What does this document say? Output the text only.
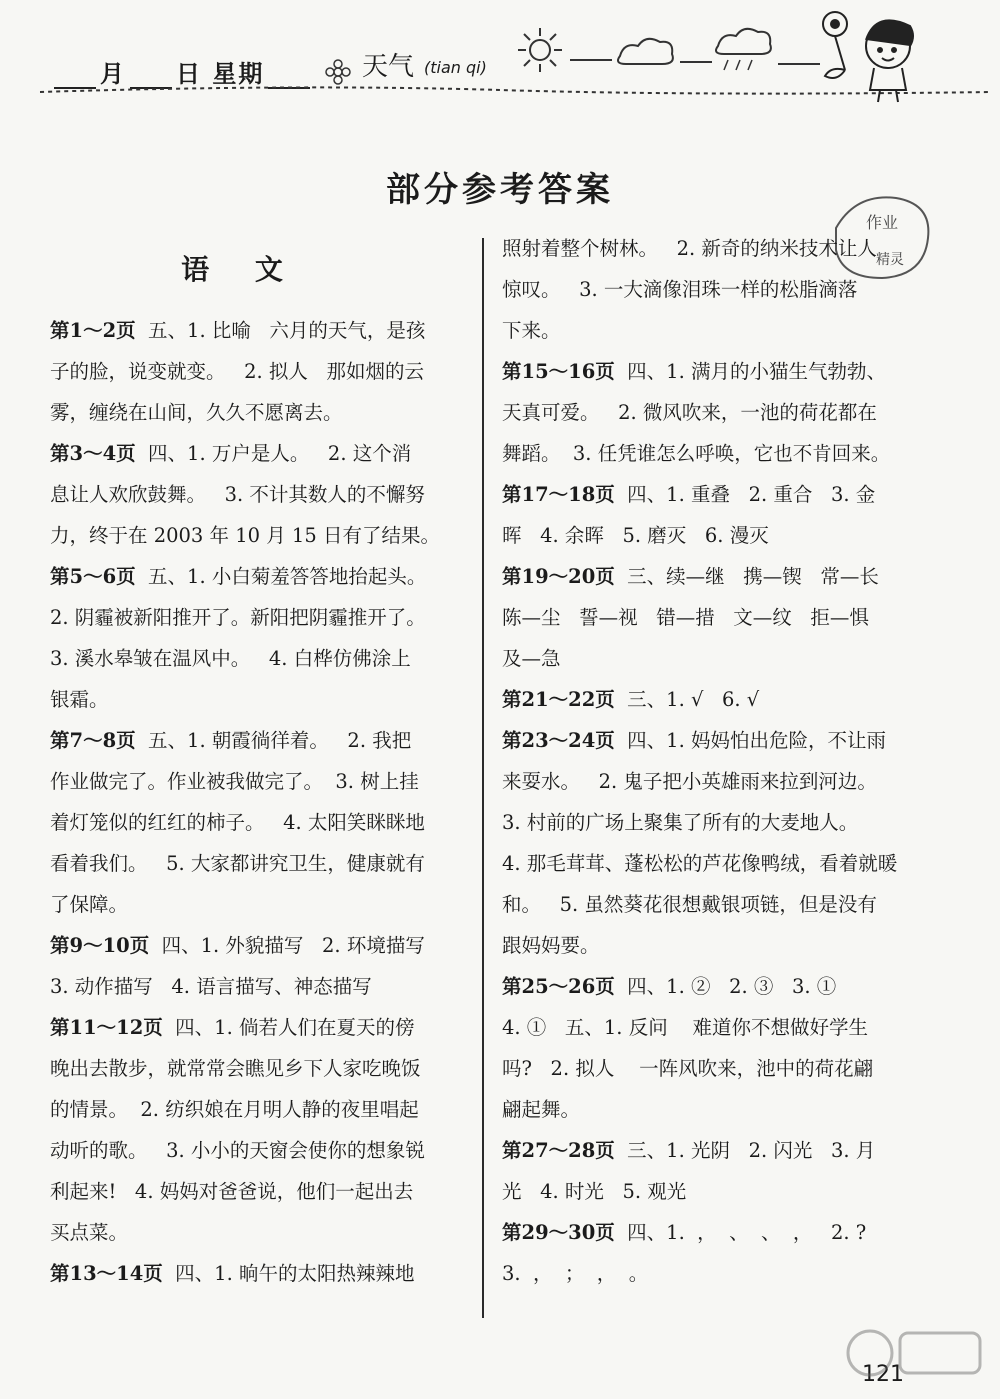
月 日 星期	天气 (tian qi)
部分参考答案
作业
精灵
语 文
第1～2页  五、1. 比喻   六月的天气，是孩
子的脸，说变就变。   2. 拟人   那如烟的云
雾，缠绕在山间，久久不愿离去。
第3～4页  四、1. 万户是人。   2. 这个消
息让人欢欣鼓舞。   3. 不计其数人的不懈努
力，终于在 2003 年 10 月 15 日有了结果。
第5～6页  五、1. 小白菊羞答答地抬起头。
2. 阴霾被新阳推开了。新阳把阴霾推开了。
3. 溪水皋皱在温风中。   4. 白桦仿佛涂上
银霜。
第7～8页  五、1. 朝霞徜徉着。   2. 我把
作业做完了。作业被我做完了。  3. 树上挂
着灯笼似的红红的柿子。   4. 太阳笑眯眯地
看着我们。   5. 大家都讲究卫生，健康就有
了保障。
第9～10页  四、1. 外貌描写   2. 环境描写
3. 动作描写   4. 语言描写、神态描写
第11～12页  四、1. 倘若人们在夏天的傍
晚出去散步，就常常会瞧见乡下人家吃晚饭
的情景。  2. 纺织娘在月明人静的夜里唱起
动听的歌。   3. 小小的天窗会使你的想象锐
利起来!   4. 妈妈对爸爸说，他们一起出去
买点菜。
第13～14页  四、1. 晌午的太阳热辣辣地
照射着整个树林。   2. 新奇的纳米技术让人
惊叹。   3. 一大滴像泪珠一样的松脂滴落
下来。
第15～16页  四、1. 满月的小猫生气勃勃、
天真可爱。   2. 微风吹来，一池的荷花都在
舞蹈。  3. 任凭谁怎么呼唤，它也不肯回来。
第17～18页  四、1. 重叠   2. 重合   3. 金
晖   4. 余晖   5. 磨灭   6. 漫灭
第19～20页  三、续—继   携—锲   常—长
陈—尘   誓—视   错—措   文—纹   拒—惧
及—急
第21～22页  三、1. √   6. √
第23～24页  四、1. 妈妈怕出危险，不让雨
来耍水。   2. 鬼子把小英雄雨来拉到河边。
3. 村前的广场上聚集了所有的大麦地人。
4. 那毛茸茸、蓬松松的芦花像鸭绒，看着就暖
和。   5. 虽然葵花很想戴银项链，但是没有
跟妈妈要。
第25～26页  四、1. ②   2. ③   3. ①
4. ①   五、1. 反问    难道你不想做好学生
吗?   2. 拟人    一阵风吹来，池中的荷花翩
翩起舞。
第27～28页  三、1. 光阴   2. 闪光   3. 月
光   4. 时光   5. 观光
第29～30页  四、1.  ，  、  、  ，   2. ?
3.  ，  ；  ，  。
121
